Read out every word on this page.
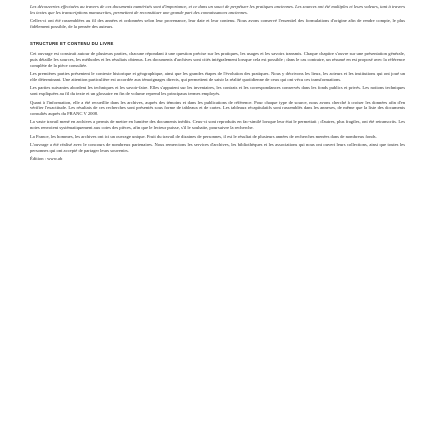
Les découvertes effectuées au travers de ces documents numérisés sont d'importance, et ce dans un souci de perpétuer les pratiques anciennes. Les sources ont été multiples et leurs valeurs, tant à travers les textes que les transcriptions manuscrites, permettent de reconstituer une grande part des connaissances anciennes.

Celles-ci ont été rassemblées au fil des années et ordonnées selon leur provenance, leur date et leur contenu. Nous avons conservé l'essentiel des formulations d'origine afin de rendre compte, le plus fidèlement possible, de la pensée des auteurs.

STRUCTURE ET CONTENU DU LIVRE

Cet ouvrage est construit autour de plusieurs parties, chacune répondant à une question précise sur les pratiques, les usages et les savoirs transmis. Chaque chapitre s'ouvre sur une présentation générale, puis détaille les sources, les méthodes et les résultats obtenus. Les documents d'archives sont cités intégralement lorsque cela est possible ; dans le cas contraire, un résumé en est proposé avec la référence complète de la pièce consultée.

Les premières parties présentent le contexte historique et géographique, ainsi que les grandes étapes de l'évolution des pratiques. Nous y décrivons les lieux, les acteurs et les institutions qui ont joué un rôle déterminant. Une attention particulière est accordée aux témoignages directs, qui permettent de saisir la réalité quotidienne de ceux qui ont vécu ces transformations.

Les parties suivantes abordent les techniques et les savoir-faire. Elles s'appuient sur les inventaires, les contrats et les correspondances conservés dans les fonds publics et privés. Les notions techniques sont expliquées au fil du texte et un glossaire en fin de volume reprend les principaux termes employés.

Quant à l'information, elle a été recueillie dans les archives, auprès des témoins et dans les publications de référence. Pour chaque type de source, nous avons cherché à croiser les données afin d'en vérifier l'exactitude. Les résultats de ces recherches sont présentés sous forme de tableaux et de cartes. Les tableaux récapitulatifs sont rassemblés dans les annexes, de même que la liste des documents consultés auprès du FRANC V 2008.

La vaste travail mené en archives a permis de mettre en lumière des documents inédits. Ceux-ci sont reproduits en fac-similé lorsque leur état le permettait ; d'autres, plus fragiles, ont été retranscrits. Les notes renvoient systématiquement aux cotes des pièces, afin que le lecteur puisse, s'il le souhaite, poursuivre la recherche.

La France, les hommes, les archives ont ici un ouvrage unique. Fruit du travail de dizaines de personnes, il est le résultat de plusieurs années de recherches menées dans de nombreux fonds.

L'ouvrage a été réalisé avec le concours de nombreux partenaires. Nous remercions les services d'archives, les bibliothèques et les associations qui nous ont ouvert leurs collections, ainsi que toutes les personnes qui ont accepté de partager leurs souvenirs.

Édition : www.ab
